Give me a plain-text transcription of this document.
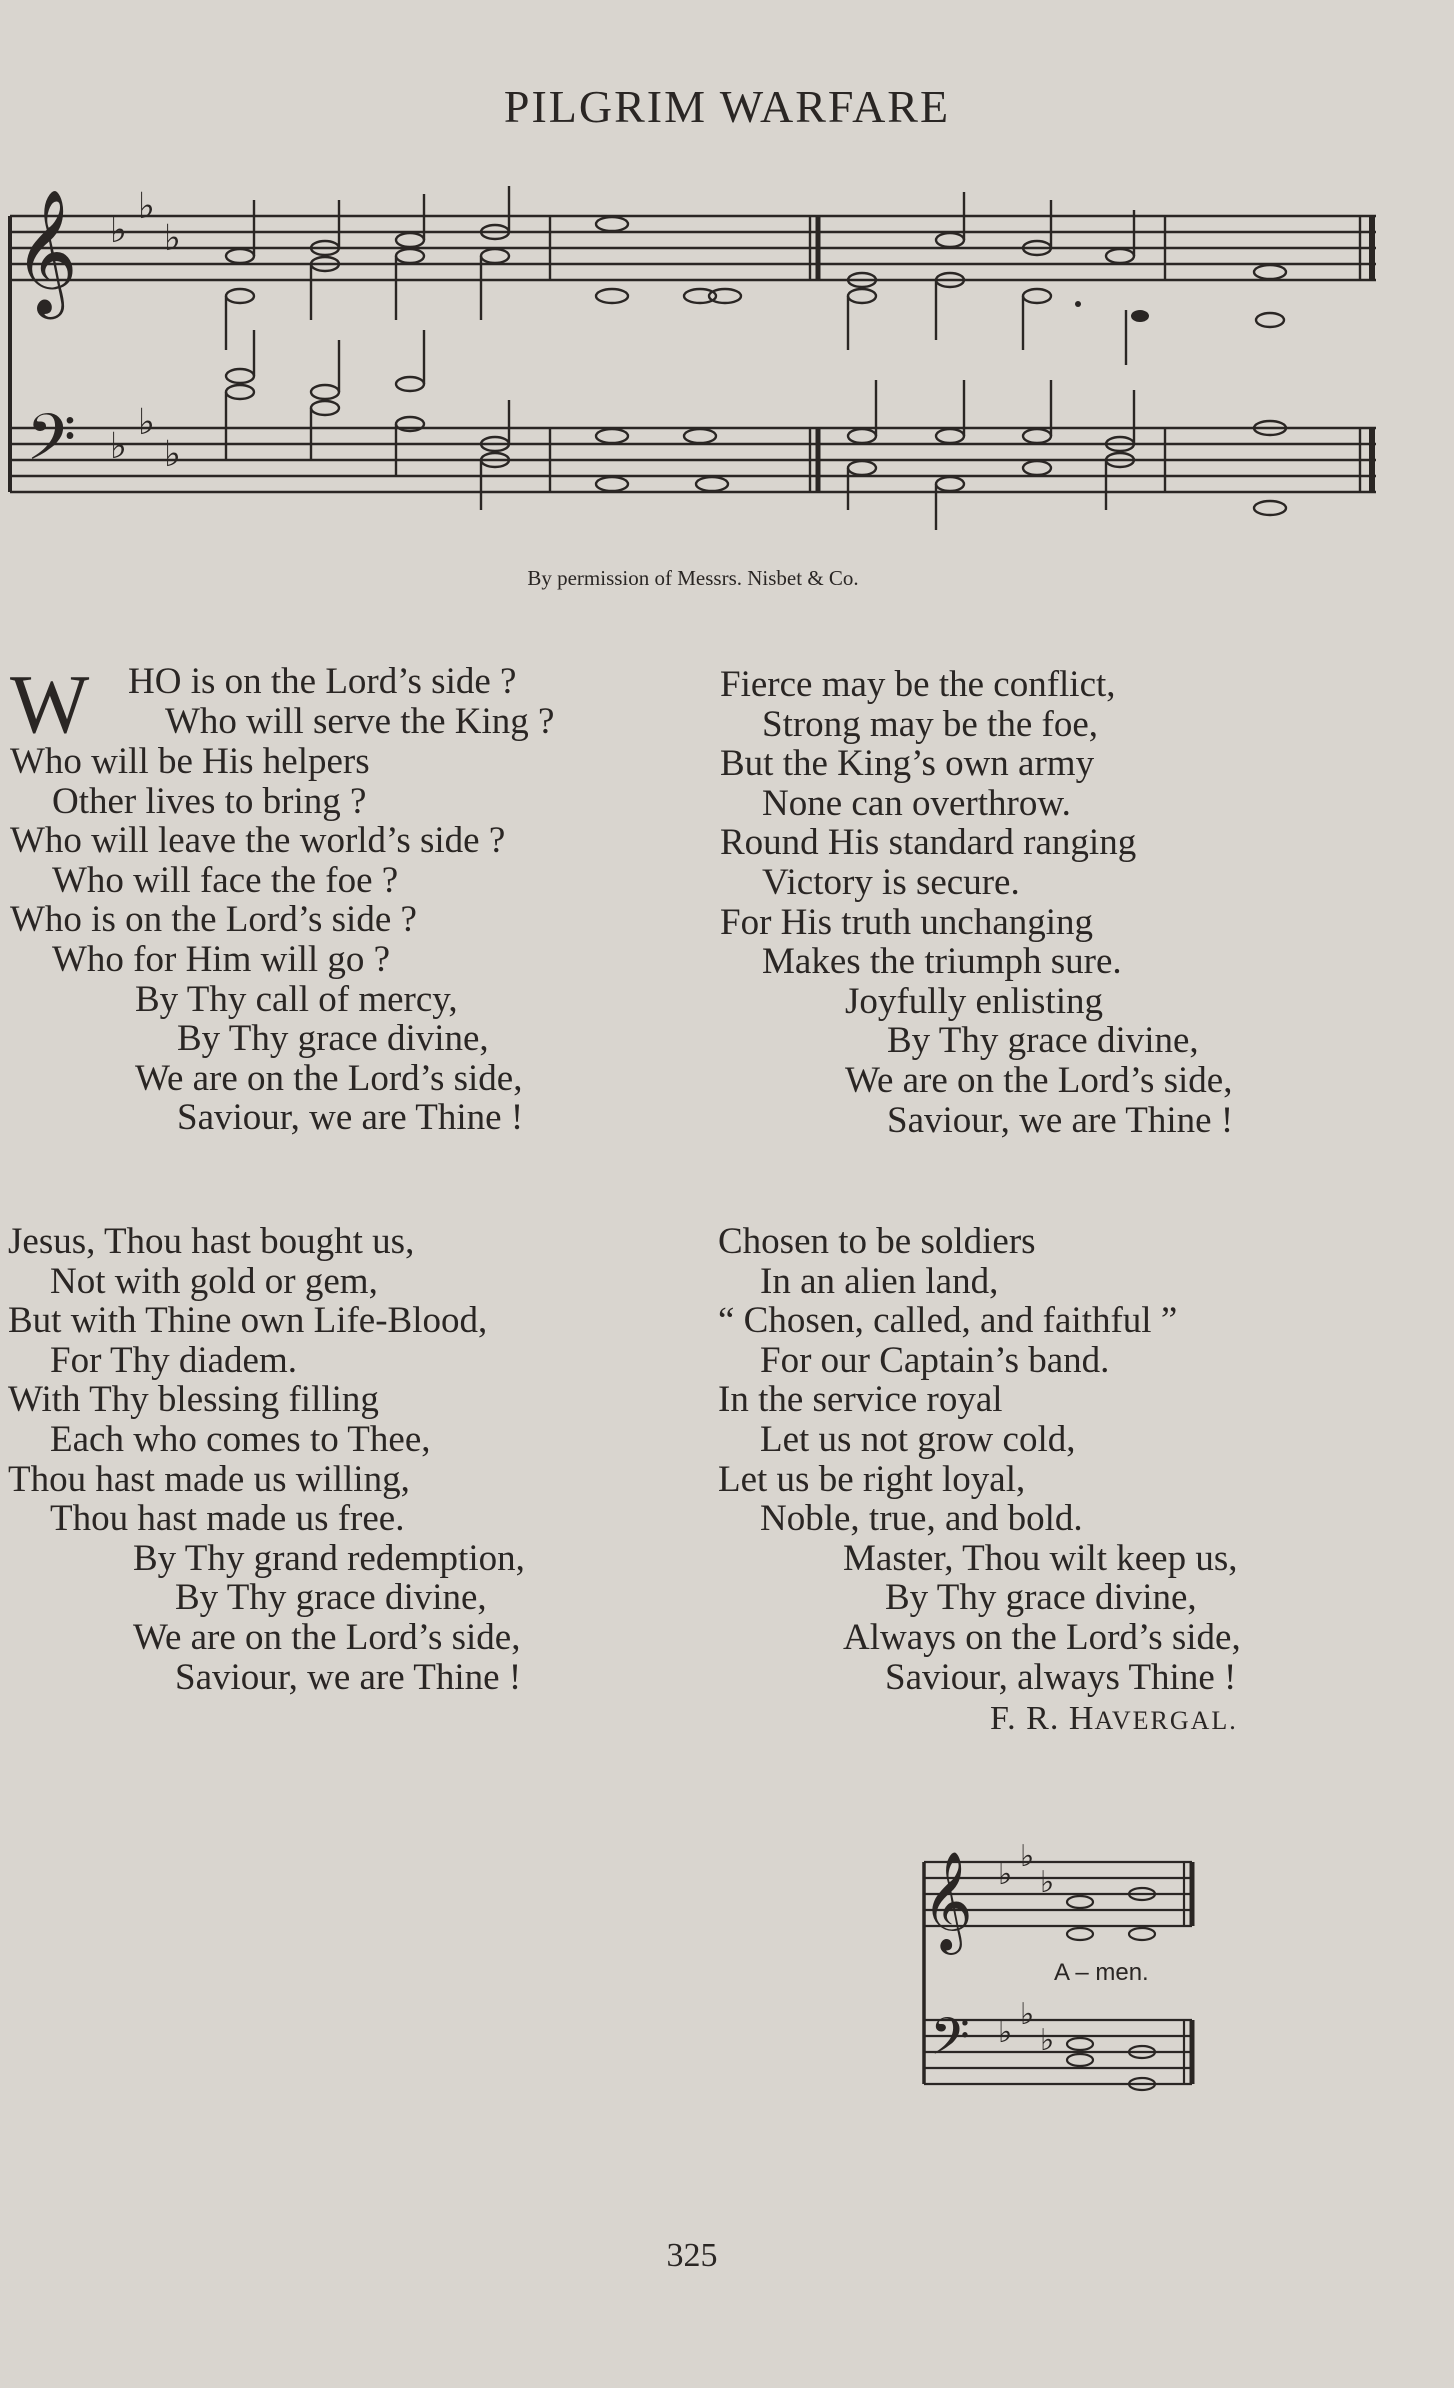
PILGRIM WARFARE
𝄞
𝄢
♭
♭
♭
♭
♭
♭
By permission of Messrs. Nisbet & Co.
W	HO is on the Lord’s side ?
Who will serve the King ?
Who will be His helpers
Other lives to bring ?
Who will leave the world’s side ?
Who will face the foe ?
Who is on the Lord’s side ?
Who for Him will go ?
By Thy call of mercy,
By Thy grace divine,
We are on the Lord’s side,
Saviour, we are Thine !
Fierce may be the conflict,
Strong may be the foe,
But the King’s own army
None can overthrow.
Round His standard ranging
Victory is secure.
For His truth unchanging
Makes the triumph sure.
Joyfully enlisting
By Thy grace divine,
We are on the Lord’s side,
Saviour, we are Thine !
Jesus, Thou hast bought us,
Not with gold or gem,
But with Thine own Life-Blood,
For Thy diadem.
With Thy blessing filling
Each who comes to Thee,
Thou hast made us willing,
Thou hast made us free.
By Thy grand redemption,
By Thy grace divine,
We are on the Lord’s side,
Saviour, we are Thine !
Chosen to be soldiers
In an alien land,
“ Chosen, called, and faithful ”
For our Captain’s band.
In the service royal
Let us not grow cold,
Let us be right loyal,
Noble, true, and bold.
Master, Thou wilt keep us,
By Thy grace divine,
Always on the Lord’s side,
Saviour, always Thine !
F. R. HAVERGAL.
𝄞
𝄢
♭
♭
♭
♭
♭
♭
A – men.
325
